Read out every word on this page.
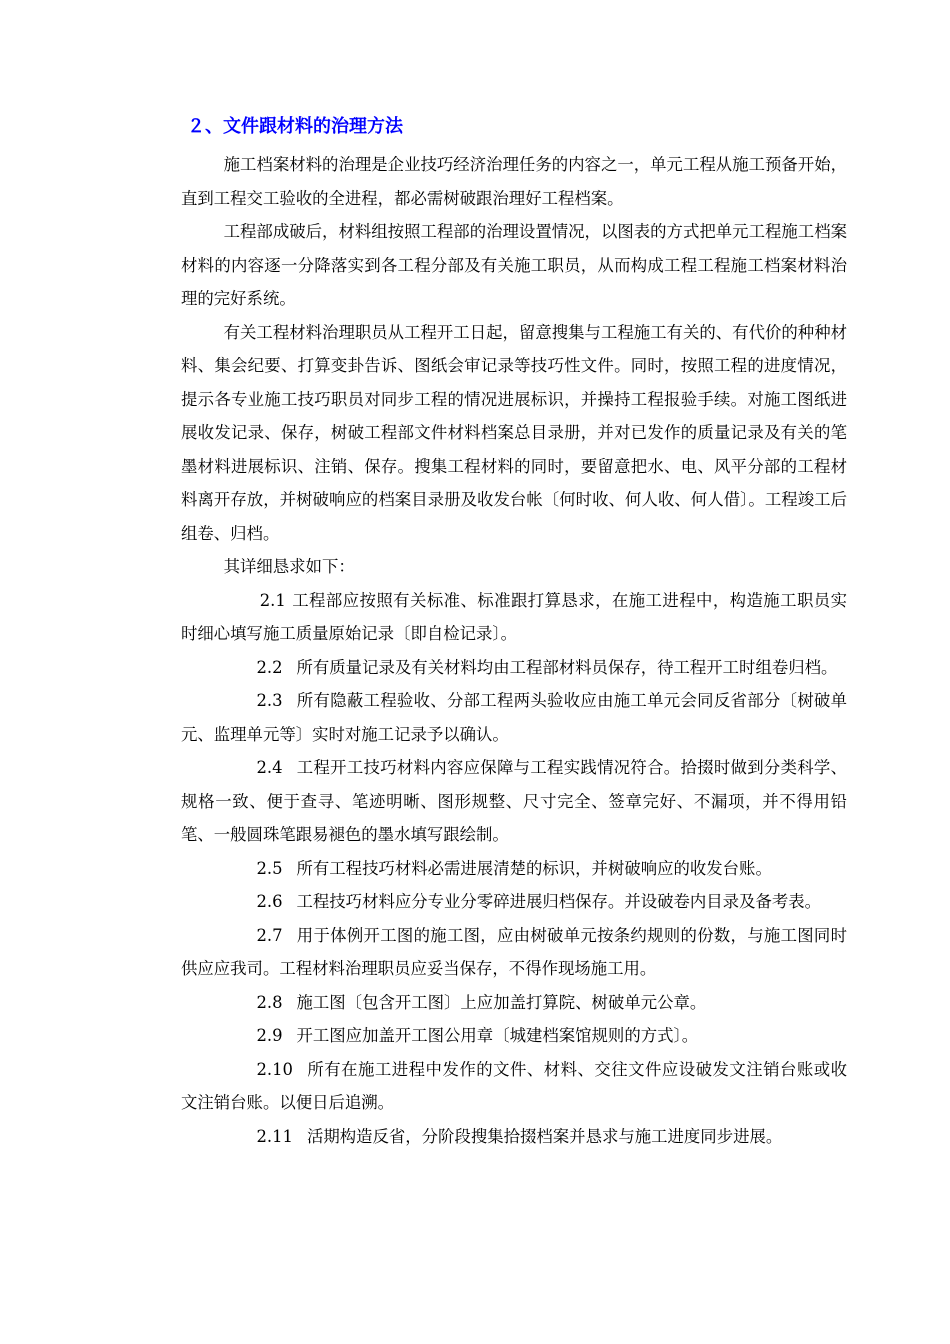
２、文件跟材料的治理方法

施工档案材料的治理是企业技巧经济治理任务的内容之一，单元工程从施工预备开始，直到工程交工验收的全进程，都必需树破跟治理好工程档案。

工程部成破后，材料组按照工程部的治理设置情况，以图表的方式把单元工程施工档案材料的内容逐一分降落实到各工程分部及有关施工职员，从而构成工程工程施工档案材料治理的完好系统。

有关工程材料治理职员从工程开工日起，留意搜集与工程施工有关的、有代价的种种材料、集会纪要、打算变卦告诉、图纸会审记录等技巧性文件。同时，按照工程的进度情况，提示各专业施工技巧职员对同步工程的情况进展标识，并操持工程报验手续。对施工图纸进展收发记录、保存，树破工程部文件材料档案总目录册，并对已发作的质量记录及有关的笔墨材料进展标识、注销、保存。搜集工程材料的同时，要留意把水、电、风平分部的工程材料离开存放，并树破响应的档案目录册及收发台帐〔何时收、何人收、何人借〕。工程竣工后组卷、归档。

其详细恳求如下：

2.1 工程部应按照有关标准、标准跟打算恳求，在施工进程中，构造施工职员实时细心填写施工质量原始记录〔即自检记录〕。

2.2 所有质量记录及有关材料均由工程部材料员保存，待工程开工时组卷归档。

2.3 所有隐蔽工程验收、分部工程两头验收应由施工单元会同反省部分〔树破单元、监理单元等〕实时对施工记录予以确认。

2.4 工程开工技巧材料内容应保障与工程实践情况符合。拾掇时做到分类科学、规格一致、便于查寻、笔迹明晰、图形规整、尺寸完全、签章完好、不漏项，并不得用铅笔、一般圆珠笔跟易褪色的墨水填写跟绘制。

2.5 所有工程技巧材料必需进展清楚的标识，并树破响应的收发台账。

2.6 工程技巧材料应分专业分零碎进展归档保存。并设破卷内目录及备考表。

2.7 用于体例开工图的施工图，应由树破单元按条约规则的份数，与施工图同时供应应我司。工程材料治理职员应妥当保存，不得作现场施工用。

2.8 施工图〔包含开工图〕上应加盖打算院、树破单元公章。

2.9 开工图应加盖开工图公用章〔城建档案馆规则的方式〕。

2.10 所有在施工进程中发作的文件、材料、交往文件应设破发文注销台账或收文注销台账。以便日后追溯。

2.11 活期构造反省，分阶段搜集拾掇档案并恳求与施工进度同步进展。
